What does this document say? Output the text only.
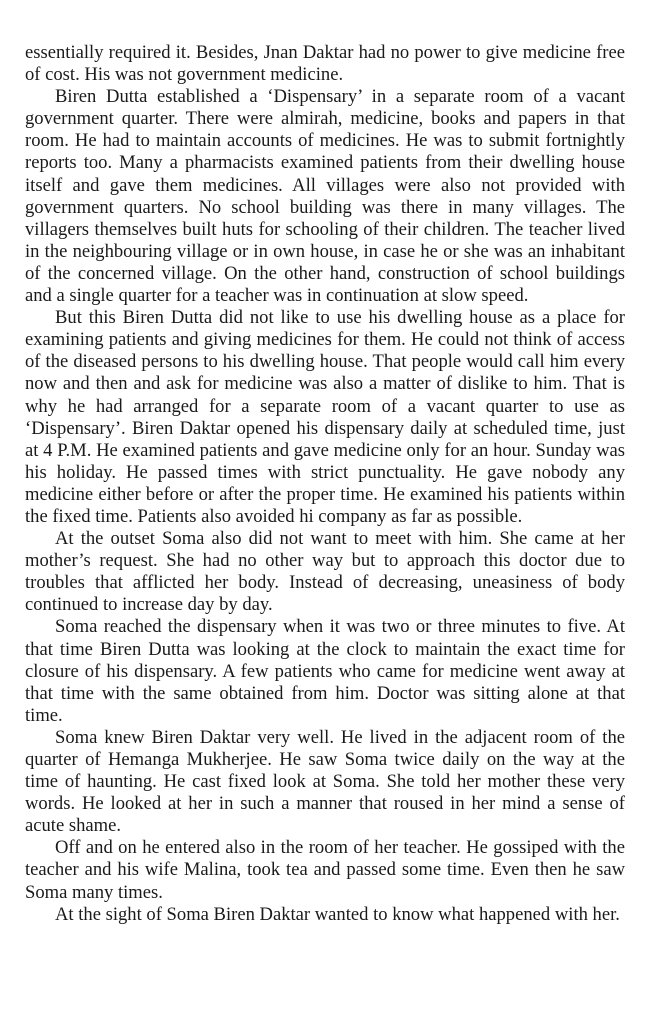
essentially required it. Besides, Jnan Daktar had no power to give medicine free of cost. His was not government medicine.

Biren Dutta established a ‘Dispensary’ in a separate room of a vacant government quarter. There were almirah, medicine, books and papers in that room. He had to maintain accounts of medicines. He was to submit fortnightly reports too. Many a pharmacists examined patients from their dwelling house itself and gave them medicines. All villages were also not provided with government quarters. No school building was there in many villages. The villagers themselves built huts for schooling of their children. The teacher lived in the neighbouring village or in own house, in case he or she was an inhabitant of the concerned village. On the other hand, construction of school buildings and a single quarter for a teacher was in continuation at slow speed.

But this Biren Dutta did not like to use his dwelling house as a place for examining patients and giving medicines for them. He could not think of access of the diseased persons to his dwelling house. That people would call him every now and then and ask for medicine was also a matter of dislike to him. That is why he had arranged for a separate room of a vacant quarter to use as ‘Dispensary’. Biren Daktar opened his dispensary daily at scheduled time, just at 4 P.M. He examined patients and gave medicine only for an hour. Sunday was his holiday. He passed times with strict punctuality. He gave nobody any medicine either before or after the proper time. He examined his patients within the fixed time. Patients also avoided hi company as far as possible.

At the outset Soma also did not want to meet with him. She came at her mother’s request. She had no other way but to approach this doctor due to troubles that afflicted her body. Instead of decreasing, uneasiness of body continued to increase day by day.

Soma reached the dispensary when it was two or three minutes to five. At that time Biren Dutta was looking at the clock to maintain the exact time for closure of his dispensary. A few patients who came for medicine went away at that time with the same obtained from him. Doctor was sitting alone at that time.

Soma knew Biren Daktar very well. He lived in the adjacent room of the quarter of Hemanga Mukherjee. He saw Soma twice daily on the way at the time of haunting. He cast fixed look at Soma. She told her mother these very words. He looked at her in such a manner that roused in her mind a sense of acute shame.

Off and on he entered also in the room of her teacher. He gossiped with the teacher and his wife Malina, took tea and passed some time. Even then he saw Soma many times.

At the sight of Soma Biren Daktar wanted to know what happened with her.
